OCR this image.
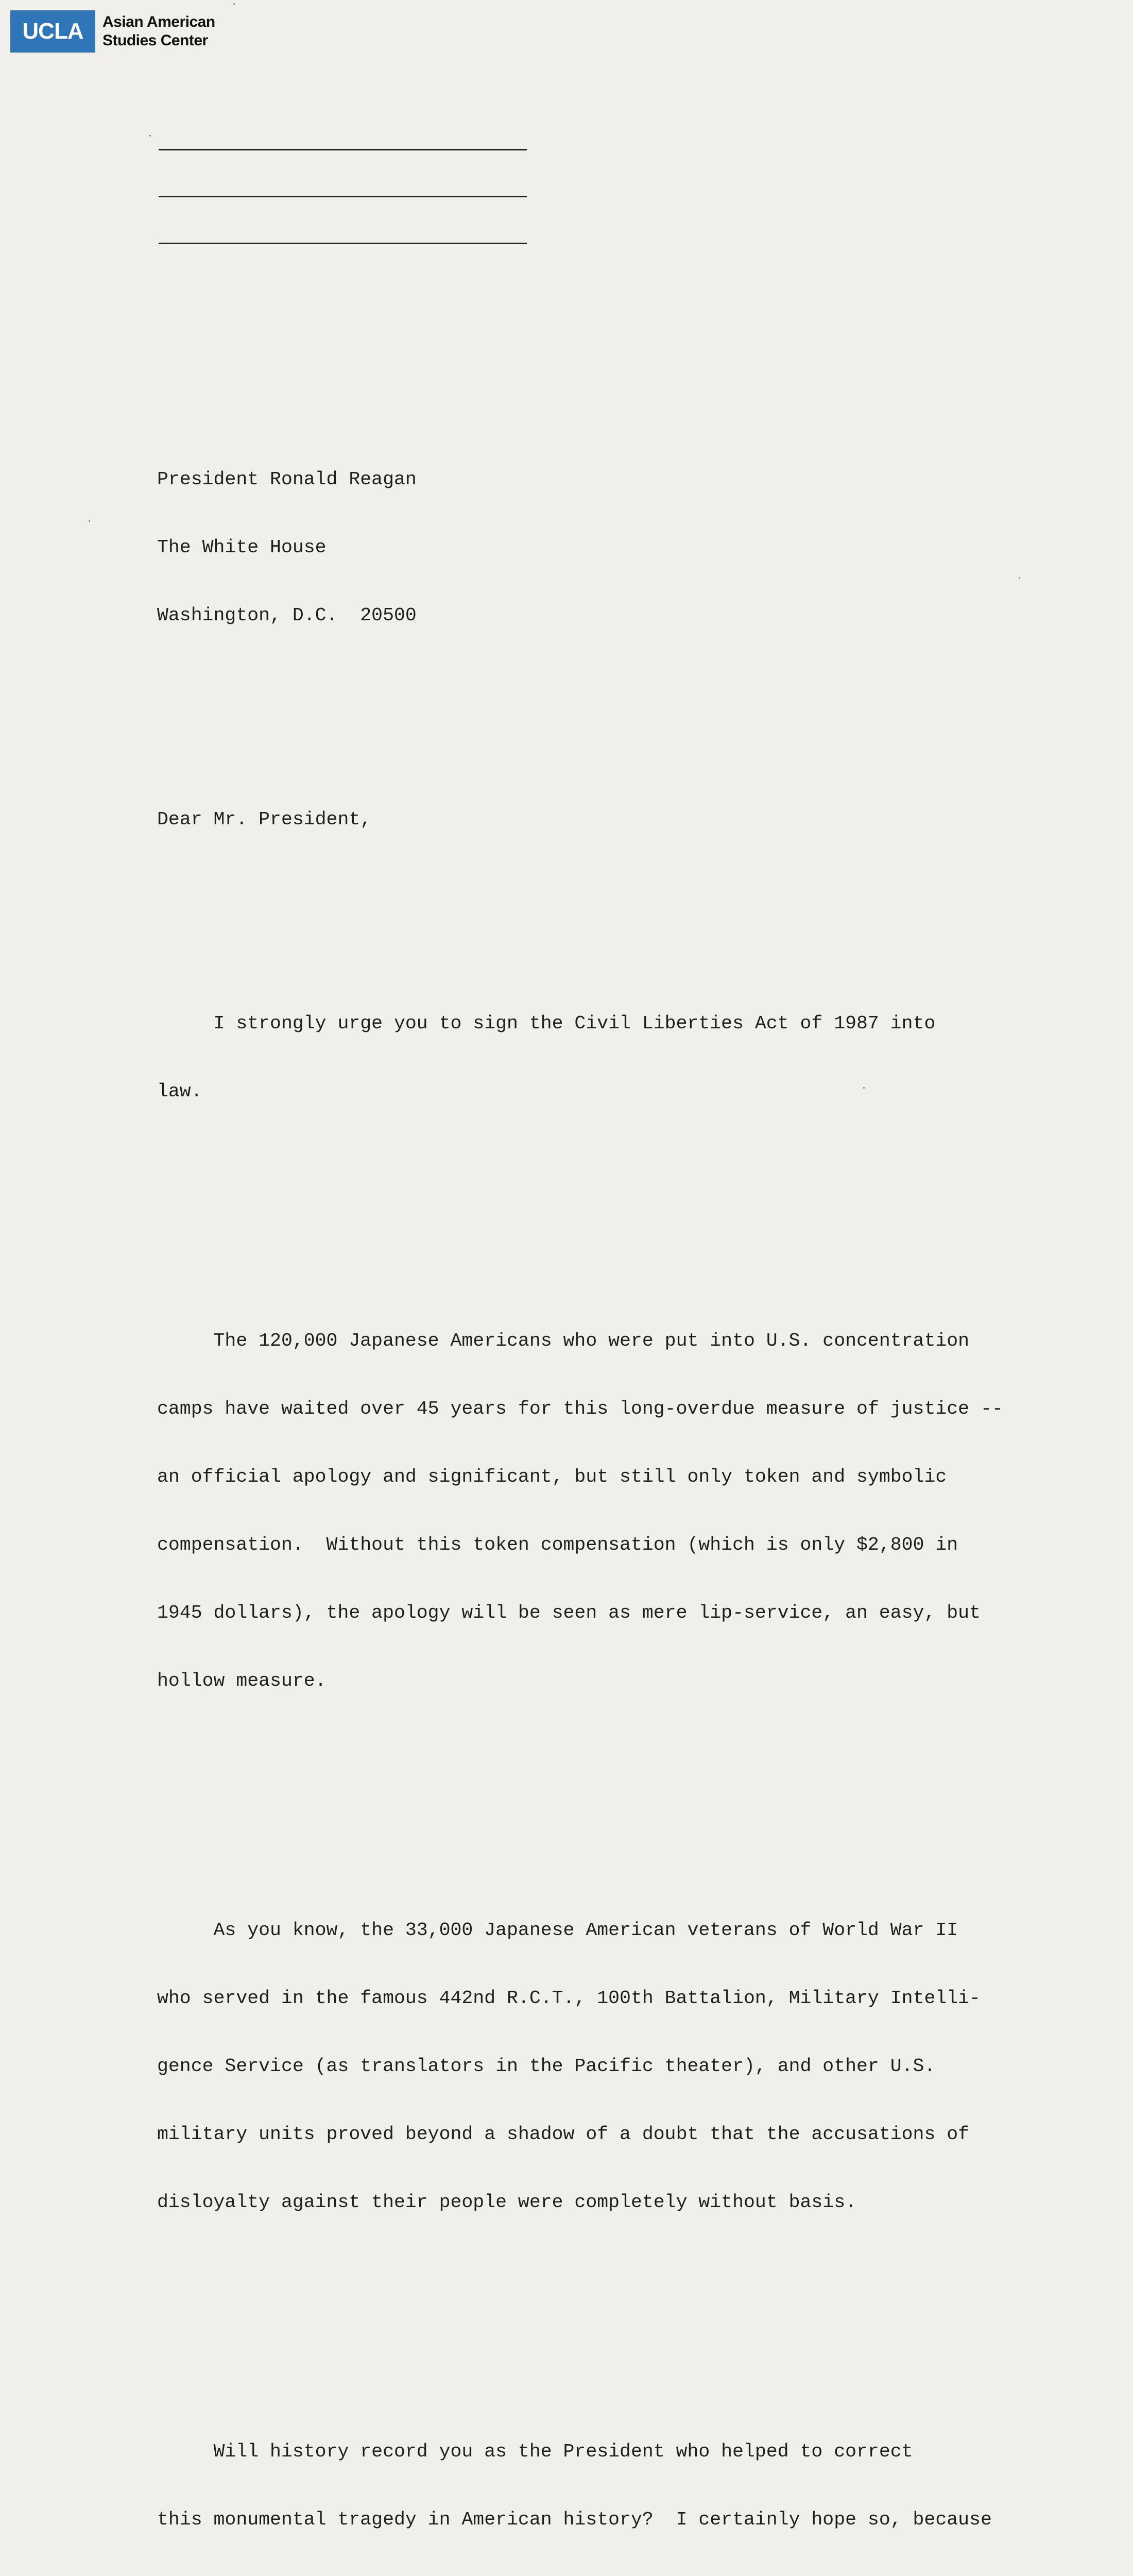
UCLA	Asian American
Studies Center

President Ronald Reagan

The White House

Washington, D.C.  20500

Dear Mr. President,

I strongly urge you to sign the Civil Liberties Act of 1987 into

law.

The 120,000 Japanese Americans who were put into U.S. concentration

camps have waited over 45 years for this long-overdue measure of justice --

an official apology and significant, but still only token and symbolic

compensation.  Without this token compensation (which is only $2,800 in

1945 dollars), the apology will be seen as mere lip-service, an easy, but

hollow measure.

As you know, the 33,000 Japanese American veterans of World War II

who served in the famous 442nd R.C.T., 100th Battalion, Military Intelli-

gence Service (as translators in the Pacific theater), and other U.S.

military units proved beyond a shadow of a doubt that the accusations of

disloyalty against their people were completely without basis.

Will history record you as the President who helped to correct

this monumental tragedy in American history?  I certainly hope so, because
